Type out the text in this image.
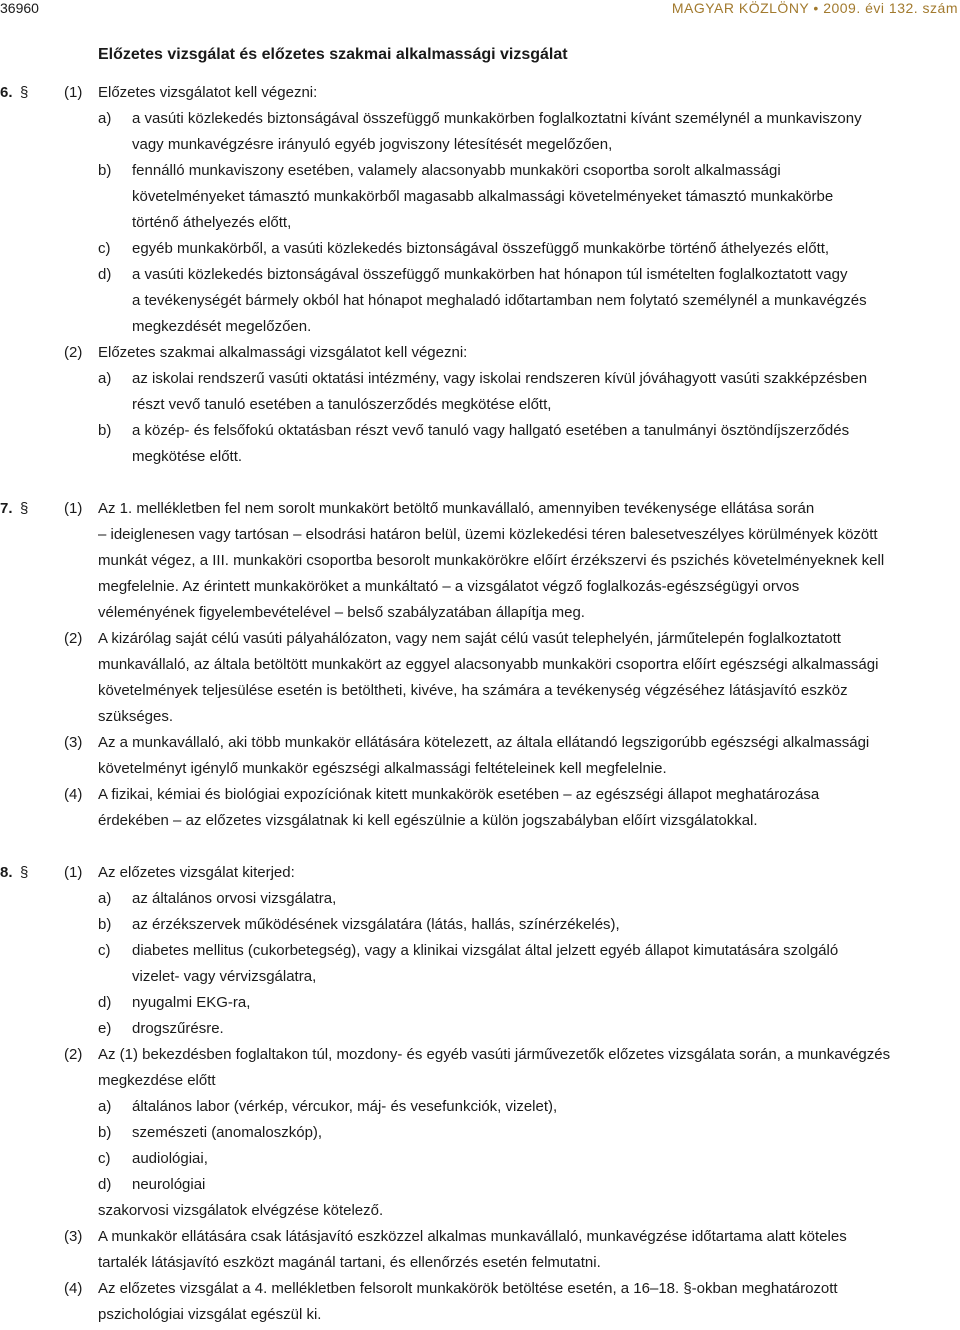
36960	MAGYAR KÖZLÖNY • 2009. évi 132. szám
Előzetes vizsgálat és előzetes szakmai alkalmassági vizsgálat
6. § (1) Előzetes vizsgálatot kell végezni:
a) a vasúti közlekedés biztonságával összefüggő munkakörben foglalkoztatni kívánt személynél a munkaviszony
vagy munkavégzésre irányuló egyéb jogviszony létesítését megelőzően,
b) fennálló munkaviszony esetében, valamely alacsonyabb munkaköri csoportba sorolt alkalmassági
követelményeket támasztó munkakörből magasabb alkalmassági követelményeket támasztó munkakörbe
történő áthelyezés előtt,
c) egyéb munkakörből, a vasúti közlekedés biztonságával összefüggő munkakörbe történő áthelyezés előtt,
d) a vasúti közlekedés biztonságával összefüggő munkakörben hat hónapon túl ismételten foglalkoztatott vagy
a tevékenységét bármely okból hat hónapot meghaladó időtartamban nem folytató személynél a munkavégzés
megkezdését megelőzően.
(2) Előzetes szakmai alkalmassági vizsgálatot kell végezni:
a) az iskolai rendszerű vasúti oktatási intézmény, vagy iskolai rendszeren kívül jóváhagyott vasúti szakképzésben
részt vevő tanuló esetében a tanulószerződés megkötése előtt,
b) a közép- és felsőfokú oktatásban részt vevő tanuló vagy hallgató esetében a tanulmányi ösztöndíjszerződés
megkötése előtt.
7. § (1) Az 1. mellékletben fel nem sorolt munkakört betöltő munkavállaló, amennyiben tevékenysége ellátása során
– ideiglenesen vagy tartósan – elsodrási határon belül, üzemi közlekedési téren balesetveszélyes körülmények között
munkát végez, a III. munkaköri csoportba besorolt munkakörökre előírt érzékszervi és pszichés követelményeknek kell
megfelelnie. Az érintett munkaköröket a munkáltató – a vizsgálatot végző foglalkozás-egészségügyi orvos
véleményének figyelembevételével – belső szabályzatában állapítja meg.
(2) A kizárólag saját célú vasúti pályahálózaton, vagy nem saját célú vasút telephelyén, járműtelepén foglalkoztatott
munkavállaló, az általa betöltött munkakört az eggyel alacsonyabb munkaköri csoportra előírt egészségi alkalmassági
követelmények teljesülése esetén is betöltheti, kivéve, ha számára a tevékenység végzéséhez látásjavító eszköz
szükséges.
(3) Az a munkavállaló, aki több munkakör ellátására kötelezett, az általa ellátandó legszigorúbb egészségi alkalmassági
követelményt igénylő munkakör egészségi alkalmassági feltételeinek kell megfelelnie.
(4) A fizikai, kémiai és biológiai expozíciónak kitett munkakörök esetében – az egészségi állapot meghatározása
érdekében – az előzetes vizsgálatnak ki kell egészülnie a külön jogszabályban előírt vizsgálatokkal.
8. § (1) Az előzetes vizsgálat kiterjed:
a) az általános orvosi vizsgálatra,
b) az érzékszervek működésének vizsgálatára (látás, hallás, színérzékelés),
c) diabetes mellitus (cukorbetegség), vagy a klinikai vizsgálat által jelzett egyéb állapot kimutatására szolgáló
vizelet- vagy vérvizsgálatra,
d) nyugalmi EKG-ra,
e) drogszűrésre.
(2) Az (1) bekezdésben foglaltakon túl, mozdony- és egyéb vasúti járművezetők előzetes vizsgálata során, a munkavégzés
megkezdése előtt
a) általános labor (vérkép, vércukor, máj- és vesefunkciók, vizelet),
b) szemészeti (anomaloszkóp),
c) audiológiai,
d) neurológiai
szakorvosi vizsgálatok elvégzése kötelező.
(3) A munkakör ellátására csak látásjavító eszközzel alkalmas munkavállaló, munkavégzése időtartama alatt köteles
tartalék látásjavító eszközt magánál tartani, és ellenőrzés esetén felmutatni.
(4) Az előzetes vizsgálat a 4. mellékletben felsorolt munkakörök betöltése esetén, a 16–18. §-okban meghatározott
pszichológiai vizsgálat egészül ki.
